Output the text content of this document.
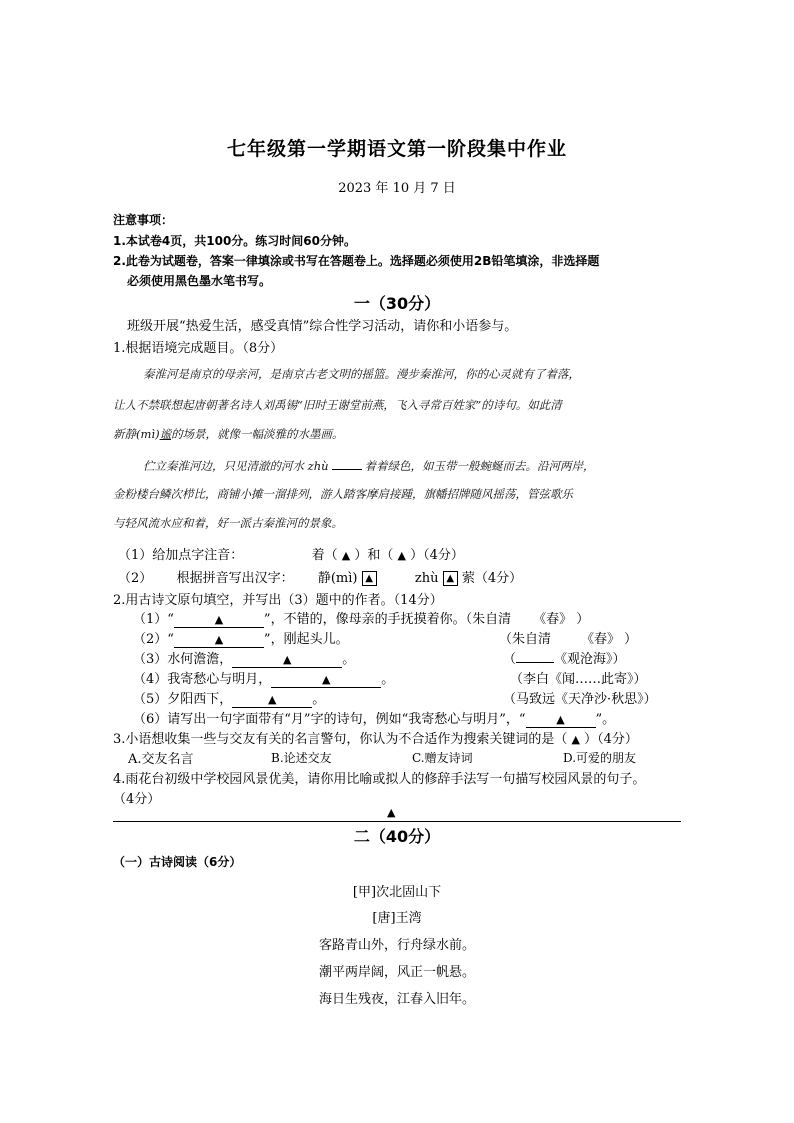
七年级第一学期语文第一阶段集中作业
2023 年 10 月 7 日
注意事项：
1.本试卷4页，共100分。练习时间60分钟。
2.此卷为试题卷，答案一律填涂或书写在答题卷上。选择题必须使用2B铅笔填涂，非选择题
必须使用黑色墨水笔书写。
一（30分）
班级开展“热爱生活，感受真情”综合性学习活动，请你和小语参与。
1.根据语境完成题目。（8分）
秦淮河是南京的母亲河，是南京古老文明的摇篮。漫步秦淮河，你的心灵就有了着落，
让人不禁联想起唐朝著名诗人刘禹锡“旧时王谢堂前燕，飞入寻常百姓家”的诗句。如此清
新静(mì)谧的场景，就像一幅淡雅的水墨画。
伫立秦淮河边，只见清澈的河水 zhù	着着绿色，如玉带一般蜿蜒而去。沿河两岸，
金粉楼台鳞次栉比，商铺小摊一溜排列，游人踏客摩肩接踵，旗幡招牌随风摇荡，管弦歌乐
与轻风流水应和着，好一派古秦淮河的景象。
（1）给加点字注音：	着（ ▲ ）和（ ▲ ）（4分）
（2） 根据拼音写出汉字： 静(mì) ▲	zhù ▲ 萦（4分）
2.用古诗文原句填空，并写出（3）题中的作者。（14分）
（1）“	▲	”，不错的，像母亲的手抚摸着你。（朱自清 《春》 ）
（2）“	▲	”，刚起头儿。	（朱自清 《春》 ）
（3）水何澹澹，	▲	。	（	《观沧海》）
（4）我寄愁心与明月，	▲	。	（李白《闻……此寄》）
（5）夕阳西下，	▲	。	（马致远《天净沙·秋思》）
（6）请写出一句字面带有“月”字的诗句，例如“我寄愁心与明月”，“	▲ ”。
3.小语想收集一些与交友有关的名言警句，你认为不合适作为搜索关键词的是（ ▲ ）（4分）
A.交友名言	B.论述交友	C.赠友诗词	D.可爱的朋友
4.雨花台初级中学校园风景优美，请你用比喻或拟人的修辞手法写一句描写校园风景的句子。
（4分）
▲
二（40分）
（一）古诗阅读（6分）
[甲]次北固山下
[唐]王湾
客路青山外，行舟绿水前。
潮平两岸阔，风正一帆悬。
海日生残夜，江春入旧年。
